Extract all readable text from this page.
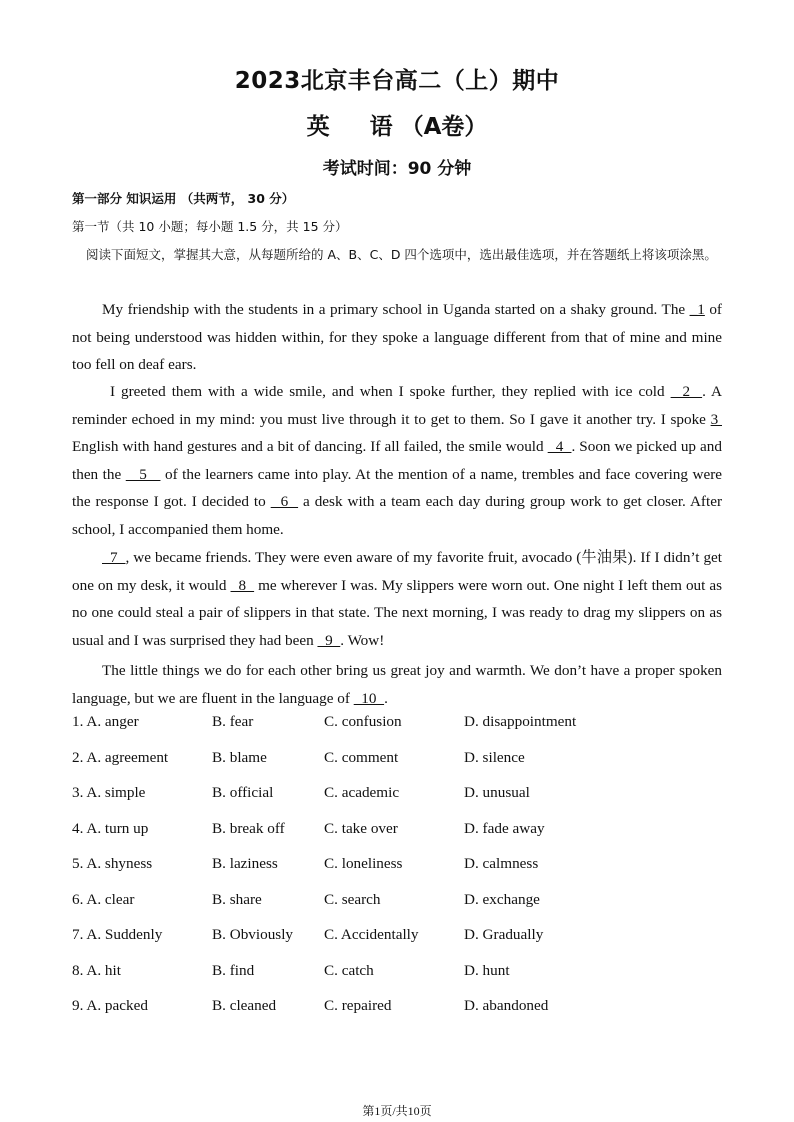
2023北京丰台高二（上）期中
英 语 （A卷）
考试时间：90 分钟

第一部分 知识运用 （共两节， 30 分）

第一节（共 10 小题；每小题 1.5 分，共 15 分）

阅读下面短文，掌握其大意，从每题所给的 A、B、C、D 四个选项中，选出最佳选项，并在答题纸上将该项涂黑。

My friendship with the students in a primary school in Uganda started on a shaky ground. The _1 of not being understood was hidden within, for they spoke a language different from that of mine and mine too fell on deaf ears.

I greeted them with a wide smile, and when I spoke further, they replied with ice cold   2  . A reminder echoed in my mind: you must live through it to get to them. So I gave it another try. I spoke 3  English with hand gestures and a bit of dancing. If all failed, the smile would   4  . Soon we picked up and then the    5    of the learners came into play. At the mention of a name, trembles and face covering were the response I got. I decided to   6   a desk with a team each day during group work to get closer. After school, I accompanied them home.

7  , we became friends. They were even aware of my favorite fruit, avocado (牛油果). If I didn’t get one on my desk, it would   8   me wherever I was. My slippers were worn out. One night I left them out as no one could steal a pair of slippers in that state. The next morning, I was ready to drag my slippers on as usual and I was surprised they had been   9  . Wow!

The little things we do for each other bring us great joy and warmth. We don’t have a proper spoken language, but we are fluent in the language of   10  .

1. A. anger	B. fear	C. confusion	D. disappointment
2. A. agreement	B. blame	C. comment	D. silence
3. A. simple	B. official	C. academic	D. unusual
4. A. turn up	B. break off	C. take over	D. fade away
5. A. shyness	B. laziness	C. loneliness	D. calmness
6. A. clear	B. share	C. search	D. exchange
7. A. Suddenly	B. Obviously C. Accidentally	D. Gradually
8. A. hit	B. find	C. catch	D. hunt
9. A. packed	B. cleaned	C. repaired	D. abandoned

第1页/共10页
